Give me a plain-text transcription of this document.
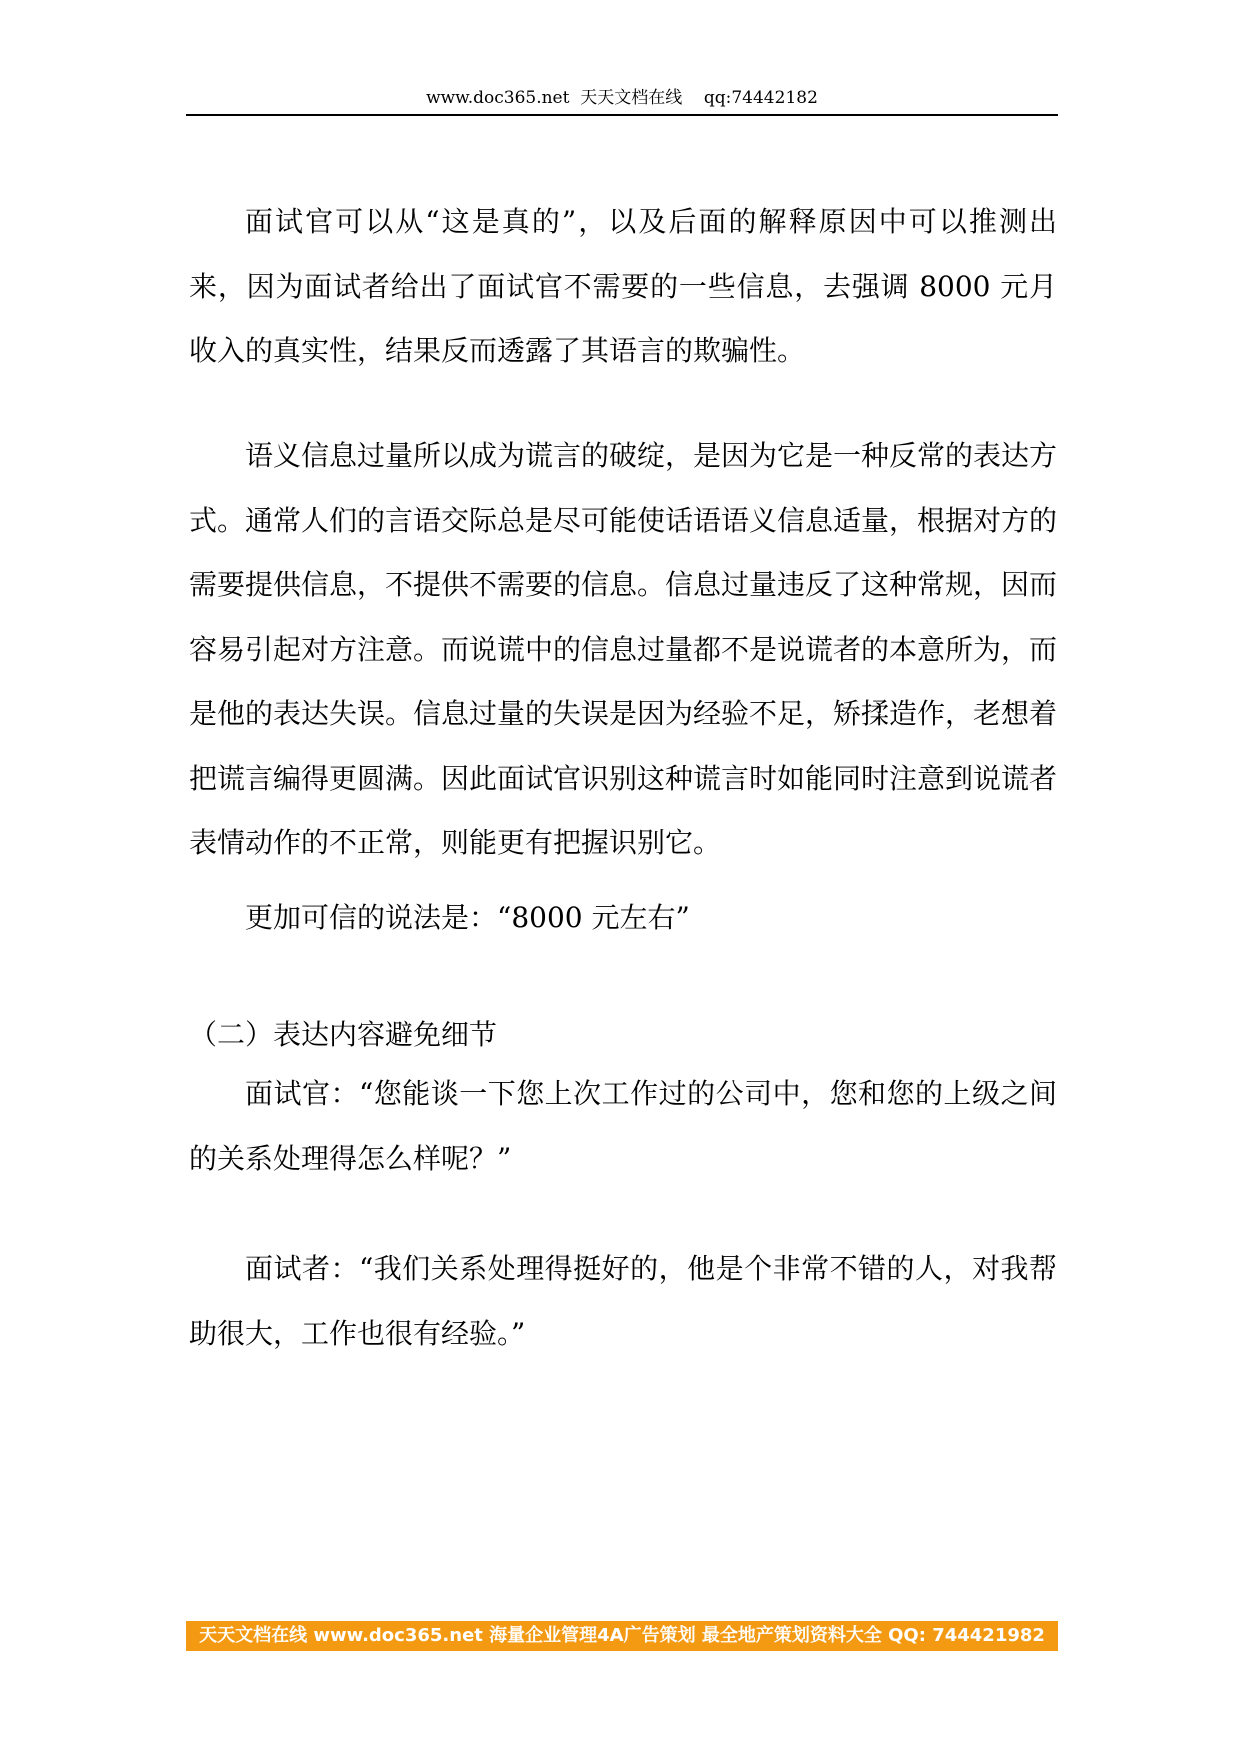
www.doc365.net  天天文档在线    qq:74442182

面试官可以从“这是真的”，以及后面的解释原因中可以推测出来，因为面试者给出了面试官不需要的一些信息，去强调 8000 元月收入的真实性，结果反而透露了其语言的欺骗性。

语义信息过量所以成为谎言的破绽，是因为它是一种反常的表达方式。通常人们的言语交际总是尽可能使话语语义信息适量，根据对方的需要提供信息，不提供不需要的信息。信息过量违反了这种常规，因而容易引起对方注意。而说谎中的信息过量都不是说谎者的本意所为，而是他的表达失误。信息过量的失误是因为经验不足，矫揉造作，老想着把谎言编得更圆满。因此面试官识别这种谎言时如能同时注意到说谎者表情动作的不正常，则能更有把握识别它。

更加可信的说法是：“8000 元左右”

（二）表达内容避免细节

面试官：“您能谈一下您上次工作过的公司中，您和您的上级之间的关系处理得怎么样呢？”

面试者：“我们关系处理得挺好的，他是个非常不错的人，对我帮助很大，工作也很有经验。”

天天文档在线 www.doc365.net 海量企业管理4A广告策划 最全地产策划资料大全 QQ: 744421982
